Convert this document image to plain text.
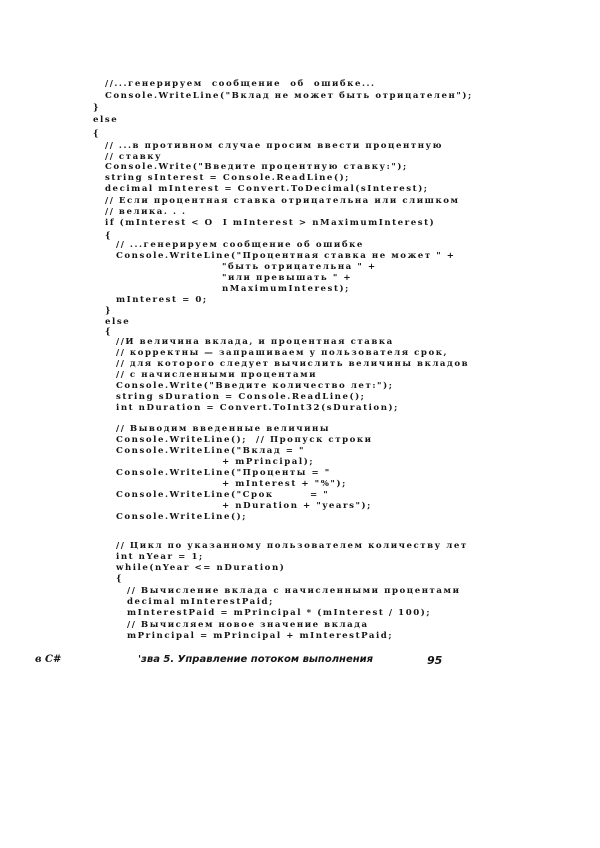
//...генерируем  сообщение  об  ошибке...
Console.WriteLine("Вклад не может быть отрицателен");
}
else
{
// ...в противном случае просим ввести процентную
// ставку
Console.Write("Введите процентную ставку:");
string sInterest = Console.ReadLine();
decimal mInterest = Convert.ToDecimal(sInterest);
// Если процентная ставка отрицательна или слишком
// велика. . .
if (mInterest < O  I mInterest > nMaximumInterest)
{
// ...генерируем сообщение об ошибке
Console.WriteLine("Процентная ставка не может " +
"быть отрицательна " +
"или превышать " +
nMaximumInterest);
mInterest = 0;
}
else
{
//И величина вклада, и процентная ставка
// корректны — запрашиваем у пользователя срок,
// для которого следует вычислить величины вкладов
// с начисленными процентами
Console.Write("Введите количество лет:");
string sDuration = Console.ReadLine();
int nDuration = Convert.ToInt32(sDuration);
// Выводим введенные величины
Console.WriteLine();  // Пропуск строки
Console.WriteLine("Вклад = "
+ mPrincipal);
Console.WriteLine("Проценты = "
+ mInterest + "%");
Console.WriteLine("Срок        = "
+ nDuration + "years");
Console.WriteLine();
// Цикл по указанному пользователем количеству лет
int nYear = 1;
while(nYear <= nDuration)
{
// Вычисление вклада с начисленными процентами
decimal mInterestPaid;
mInterestPaid = mPrincipal * (mInterest / 100);
// Вычисляем новое значение вклада
mPrincipal = mPrincipal + mInterestPaid;
в C#	'зва 5. Управление потоком выполнения	95
